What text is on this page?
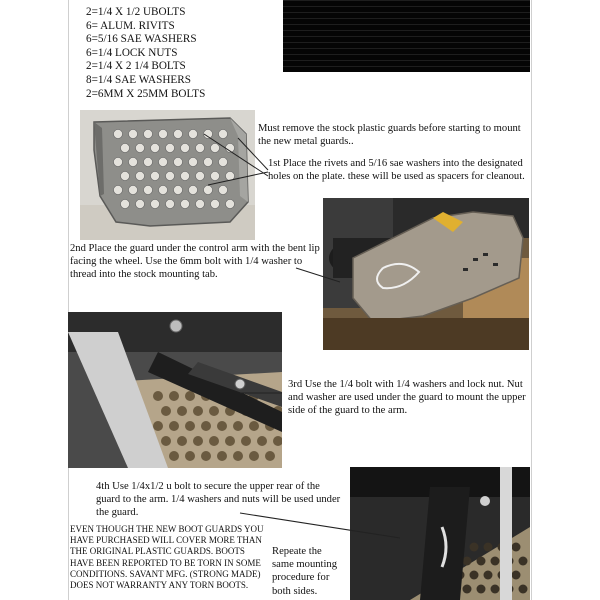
2=1/4 X 1/2 UBOLTS
6= ALUM. RIVITS
6=5/16 SAE WASHERS
6=1/4 LOCK NUTS
2=1/4 X 2 1/4 BOLTS
8=1/4 SAE WASHERS
2=6MM X 25MM BOLTS
Must remove the stock plastic guards before starting to mount the new metal guards..
1st Place the rivets and 5/16 sae washers into the designated holes on the plate. these will be used as spacers for cleanout.
2nd Place the guard under the control arm with the bent lip facing the wheel. Use the 6mm bolt with 1/4 washer to thread into the stock mounting tab.
3rd Use the 1/4 bolt with 1/4 washers and lock nut. Nut and washer are used under the guard to mount the upper side of the guard to the arm.
4th Use 1/4x1/2 u bolt to secure the upper rear of the guard to the arm. 1/4 washers and nuts will be used under the guard.
EVEN THOUGH THE NEW BOOT GUARDS YOU HAVE PURCHASED WILL COVER MORE THAN THE ORIGINAL PLASTIC GUARDS. BOOTS HAVE BEEN REPORTED TO BE TORN IN SOME CONDITIONS. SAVANT MFG. (STRONG MADE) DOES NOT WARRANTY ANY TORN BOOTS.
Repeate the same mounting procedure for both sides.
